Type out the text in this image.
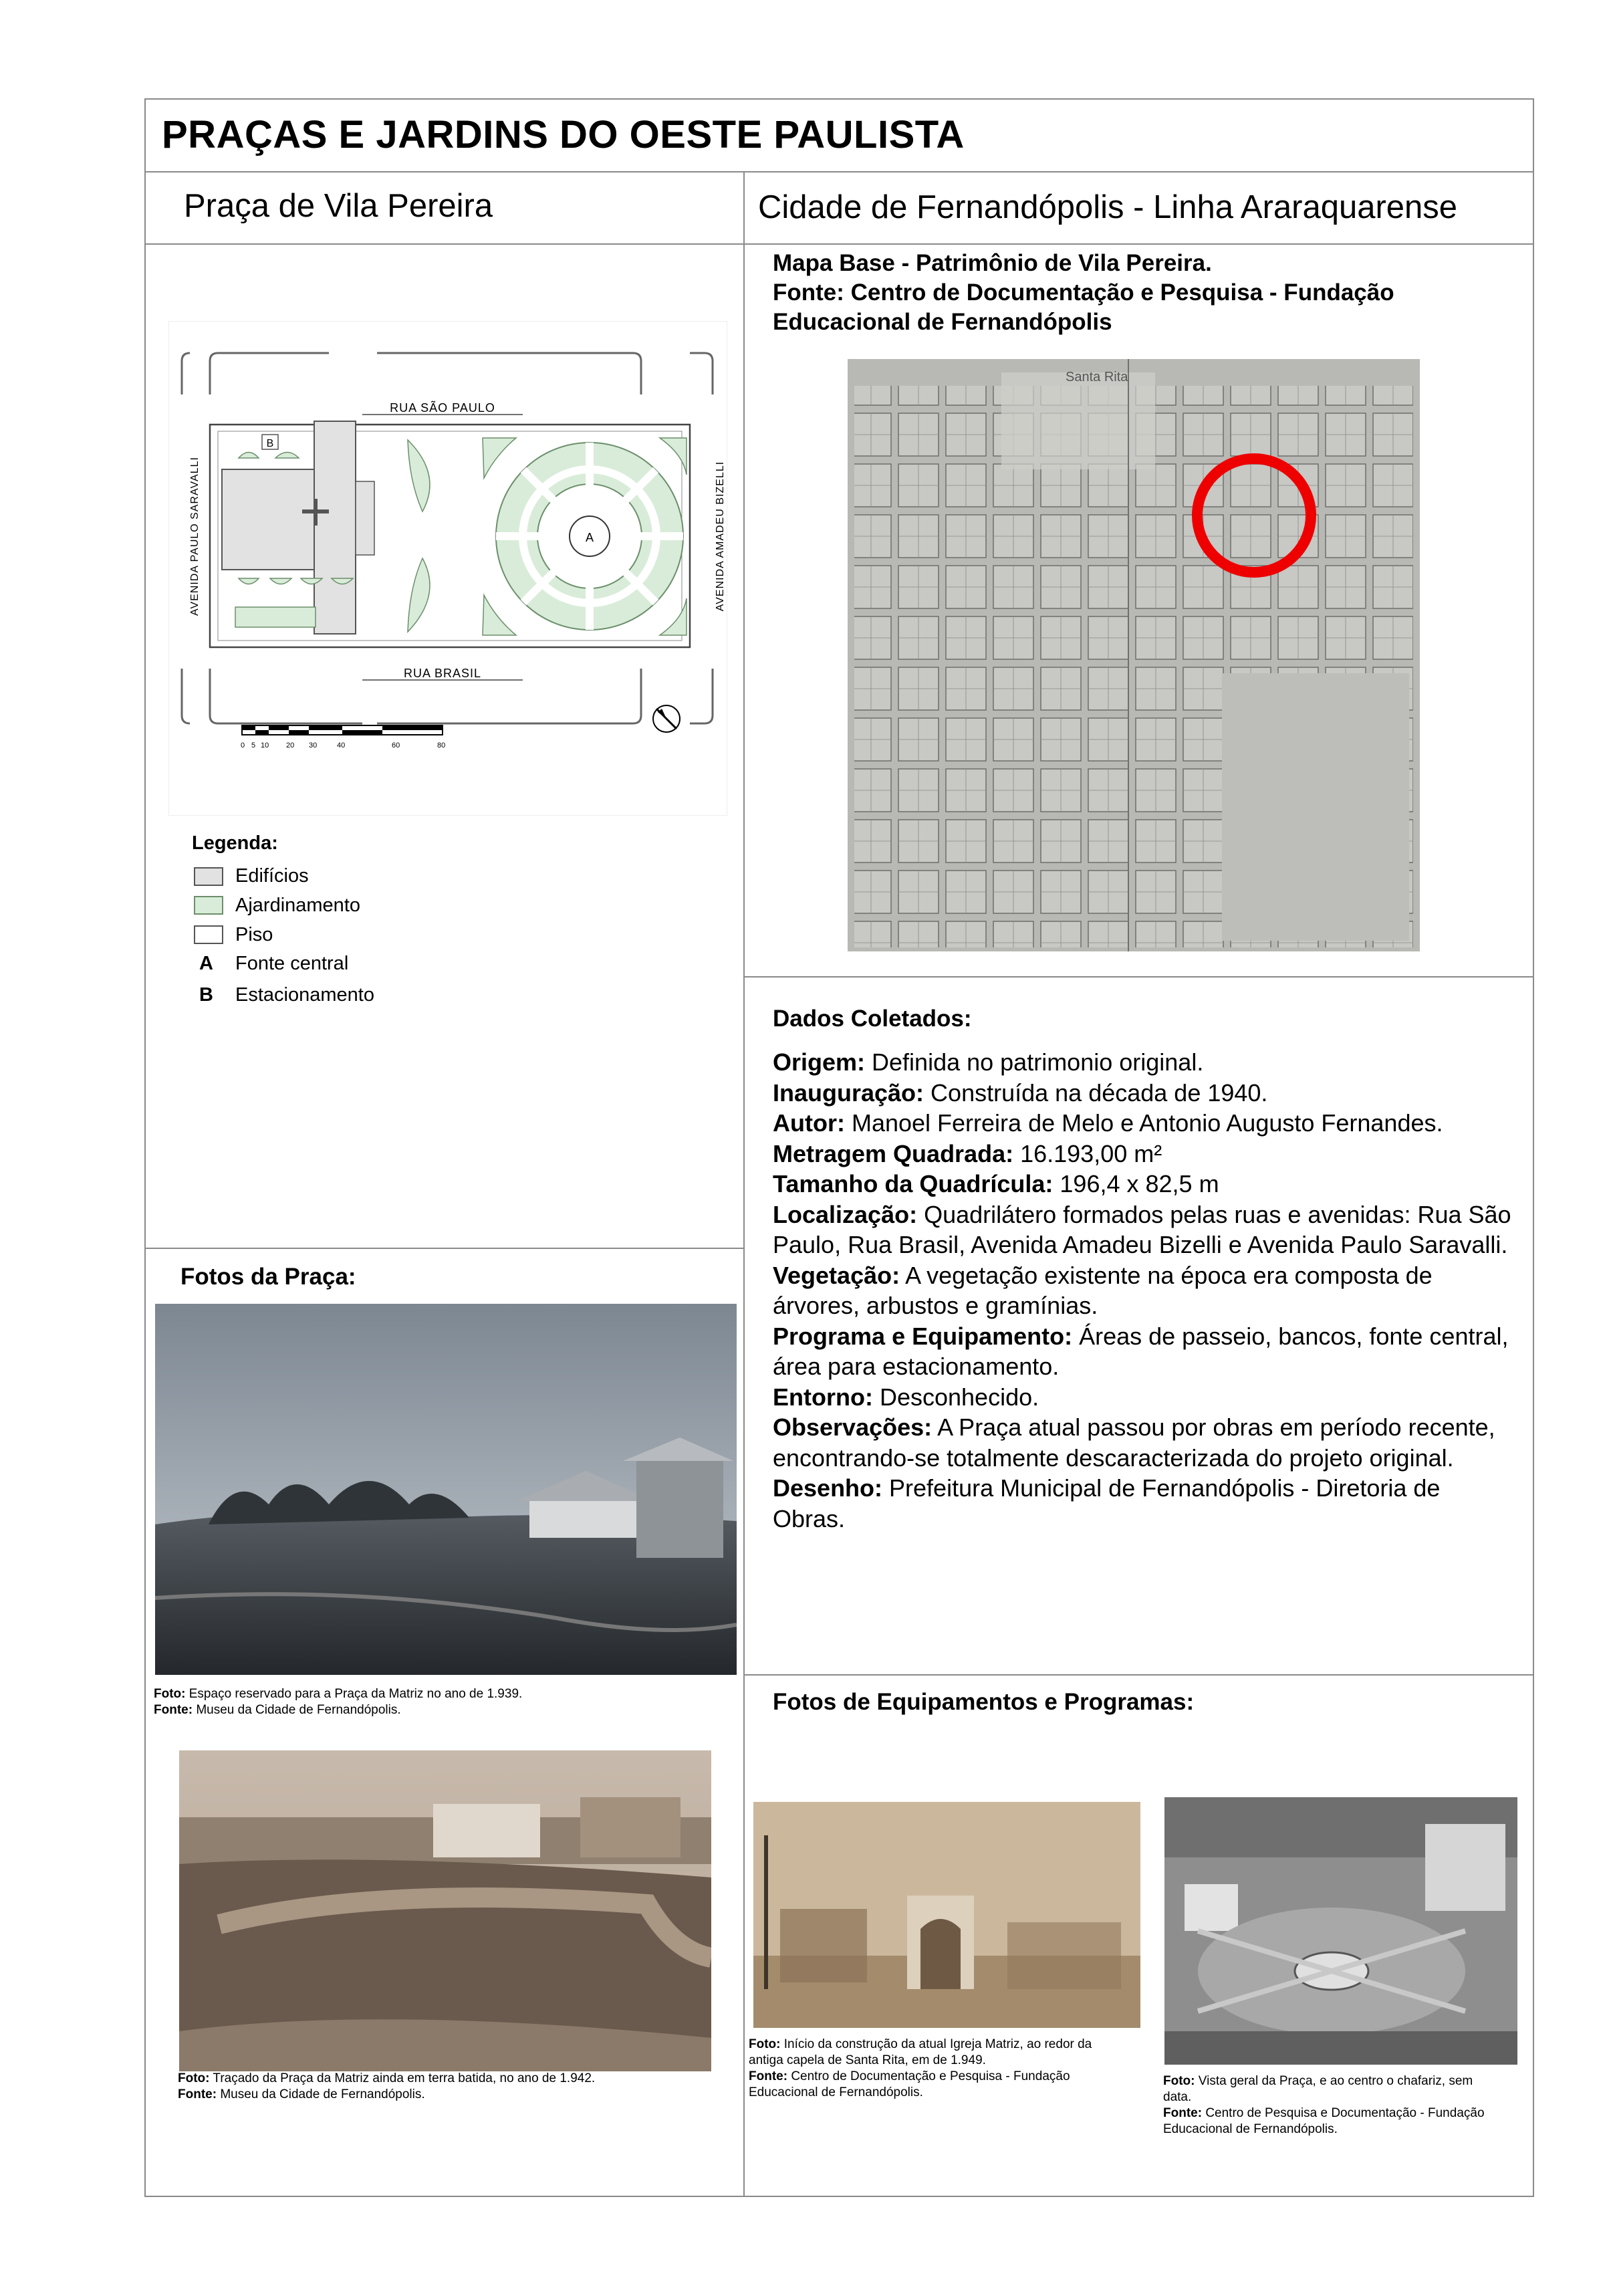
PRAÇAS E JARDINS DO OESTE PAULISTA
Praça de Vila Pereira	Cidade de Fernandópolis - Linha Araraquarense
A
B
RUA SÃO PAULO
RUA BRASIL
AVENIDA PAULO SARAVALLI	AVENIDA AMADEU BIZELLI
0 5 10 20 30	40	60	80
Legenda:
Edifícios
Ajardinamento
Piso
A Fonte central
B Estacionamento
Mapa Base - Patrimônio de Vila Pereira.
Fonte: Centro de Documentação e Pesquisa - Fundação
Educacional de Fernandópolis
Santa Rita
Dados Coletados:

Origem: Definida no patrimonio original.

Inauguração: Construída na década de 1940.

Autor: Manoel Ferreira de Melo e Antonio Augusto Fernandes.

Metragem Quadrada: 16.193,00 m²

Tamanho da Quadrícula: 196,4 x 82,5 m

Localização: Quadrilátero formados pelas ruas e avenidas: Rua São Paulo, Rua Brasil, Avenida Amadeu Bizelli e Avenida Paulo Saravalli.

Vegetação: A vegetação existente na época era composta de árvores, arbustos e gramínias.

Programa e Equipamento: Áreas de passeio, bancos, fonte central, área para estacionamento.

Entorno: Desconhecido.

Observações: A Praça atual passou por obras em período recente, encontrando-se totalmente descaracterizada do projeto original.

Desenho: Prefeitura Municipal de Fernandópolis - Diretoria de Obras.

Fotos da Praça:

Foto: Espaço reservado para a Praça da Matriz no ano de 1.939.

Fonte: Museu da Cidade de Fernandópolis.

Foto: Traçado da Praça da Matriz ainda em terra batida, no ano de 1.942.

Fonte: Museu da Cidade de Fernandópolis.

Fotos de Equipamentos e Programas:

Foto: Início da construção da atual Igreja Matriz, ao redor da antiga capela de Santa Rita, em de 1.949.

Fonte: Centro de Documentação e Pesquisa - Fundação Educacional de Fernandópolis.

Foto: Vista geral da Praça, e ao centro o chafariz, sem data.

Fonte: Centro de Pesquisa e Documentação - Fundação Educacional de Fernandópolis.
